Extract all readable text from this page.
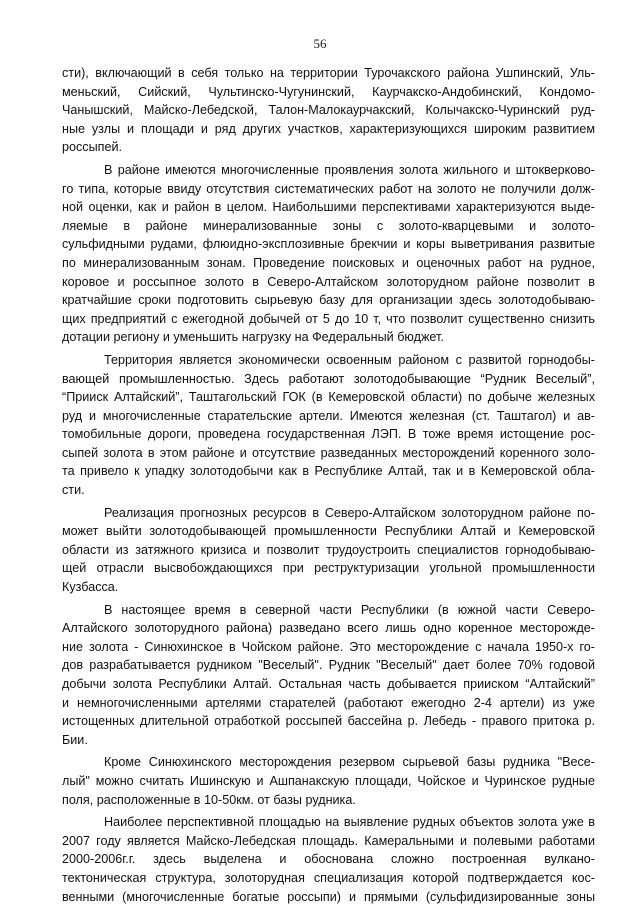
56
сти), включающий в себя только на территории Турочакского района Ушпинский, Уль-
меньский, Сийский, Чультинско-Чугунинский, Каурчакско-Андобинский, Кондомо-
Чанышский, Майско-Лебедской, Талон-Малокаурчакский, Колычакско-Чуринский руд-
ные узлы и площади и ряд других участков, характеризующихся широким развитием
россыпей.
В районе имеются многочисленные проявления золота жильного и штокверково-
го типа, которые ввиду отсутствия систематических работ на золото не получили долж-
ной оценки, как и район в целом. Наибольшими перспективами характеризуются выде-
ляемые в районе минерализованные зоны с золото-кварцевыми и золото-
сульфидными рудами, флюидно-эксплозивные брекчии и коры выветривания развитые
по минерализованным зонам. Проведение поисковых и оценочных работ на рудное,
коровое и россыпное золото в Северо-Алтайском золоторудном районе позволит в
кратчайшие сроки подготовить сырьевую базу для организации здесь золотодобываю-
щих предприятий с ежегодной добычей от 5 до 10 т, что позволит существенно снизить
дотации региону и уменьшить нагрузку на Федеральный бюджет.
Территория является экономически освоенным районом с развитой горнодобы-
вающей промышленностью. Здесь работают золотодобывающие “Рудник Веселый”,
“Прииск Алтайский”, Таштагольский ГОК (в Кемеровской области) по добыче железных
руд и многочисленные старательские артели. Имеются железная (ст. Таштагол) и ав-
томобильные дороги, проведена государственная ЛЭП. В тоже время истощение рос-
сыпей золота в этом районе и отсутствие разведанных месторождений коренного золо-
та привело к упадку золотодобычи как в Республике Алтай, так и в Кемеровской обла-
сти.
Реализация прогнозных ресурсов в Северо-Алтайском золоторудном районе по-
может выйти золотодобывающей промышленности Республики Алтай и Кемеровской
области из затяжного кризиса и позволит трудоустроить специалистов горнодобываю-
щей отрасли высвобождающихся при реструктуризации угольной промышленности
Кузбасса.
В настоящее время в северной части Республики (в южной части Северо-
Алтайского золоторудного района) разведано всего лишь одно коренное месторожде-
ние золота - Синюхинское в Чойском районе. Это месторождение с начала 1950-х го-
дов разрабатывается рудником "Веселый". Рудник "Веселый" дает более 70% годовой
добычи золота Республики Алтай. Остальная часть добывается прииском “Алтайский”
и немногочисленными артелями старателей (работают ежегодно 2-4 артели) из уже
истощенных длительной отработкой россыпей бассейна р. Лебедь - правого притока р.
Бии.
Кроме Синюхинского месторождения резервом сырьевой базы рудника "Весе-
лый" можно считать Ишинскую и Ашпанакскую площади, Чойское и Чуринское рудные
поля, расположенные в 10-50км. от базы рудника.
Наиболее перспективной площадью на выявление рудных объектов золота уже в
2007 году является Майско-Лебедская площадь. Камеральными и полевыми работами
2000-2006г.г. здесь выделена и обоснована сложно построенная вулкано-
тектоническая структура, золоторудная специализация которой подтверждается кос-
венными (многочисленные богатые россыпи) и прямыми (сульфидизированные зоны
